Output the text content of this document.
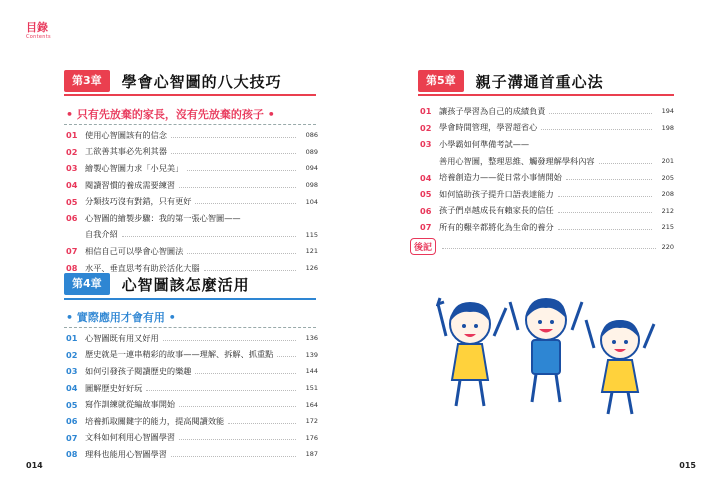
目錄
Contents
第3章	學會心智圖的八大技巧
• 只有先放棄的家長，沒有先放棄的孩子 •
01 使用心智圖該有的信念	086
02 工欲善其事必先利其器	089
03 繪製心智圖力求「小兒美」	094
04 閱讀習慣的養成需要練習	098
05 分類技巧沒有對錯，只有更好	104
06 心智圖的繪製步驟：我的第一張心智圖——
自我介紹	115
07 相信自己可以學會心智圖法	121
08 水平、垂直思考有助於活化大腦	126
第4章	心智圖該怎麼活用
• 實際應用才會有用 •
01 心智圖既有用又好用	136
02 歷史就是一連串精彩的故事——理解、拆解、抓重點	139
03 如何引發孩子閱讀歷史的樂趣	144
04 圖解歷史好好玩	151
05 寫作訓練就從編故事開始	164
06 培養抓取關鍵字的能力，提高閱讀效能	172
07 文科如何利用心智圖學習	176
08 理科也能用心智圖學習	187
第5章	親子溝通首重心法
01 讓孩子學習為自己的成績負責	194
02 學會時間管理，學習超省心	198
03 小學霸如何準備考試——
善用心智圖，整理思維、觸發理解學科內容	201
04 培養創造力——從日常小事情開始	205
05 如何協助孩子提升口語表達能力	208
06 孩子們卓越成長有賴家長的信任	212
07 所有的艱辛都將化為生命的養分	215
後記	220
014	015
